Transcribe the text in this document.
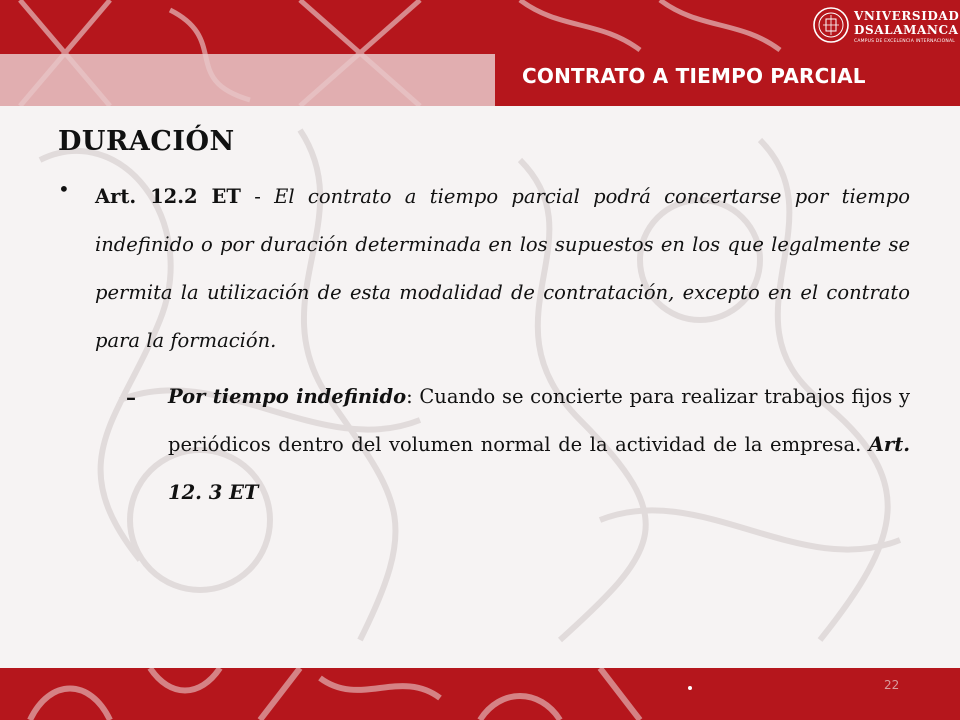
CONTRATO A TIEMPO PARCIAL
VNIVERSIDAD
DSALAMANCA
CAMPUS DE EXCELENCIA INTERNACIONAL
DURACIÓN
• Art. 12.2 ET - El contrato a tiempo parcial podrá concertarse por tiempo indefinido o por duración determinada en los supuestos en los que legalmente se permita la utilización de esta modalidad de contratación, excepto en el contrato para la formación.
– Por tiempo indefinido: Cuando se concierte para realizar trabajos fijos y periódicos dentro del volumen normal de la actividad de la empresa. Art. 12. 3 ET
22
